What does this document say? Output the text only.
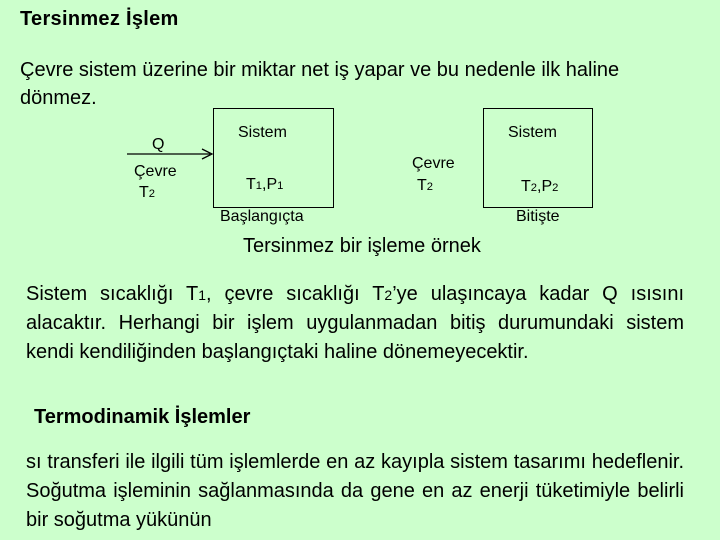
Tersinmez İşlem
Çevre sistem üzerine bir miktar net iş yapar ve bu nedenle ilk haline dönmez.
Q
Çevre
$T_2$
Sistem
$T_1,P_1$
Başlangıçta
Çevre
$T_2$
Sistem
$T_2,P_2$
Bitişte
Tersinmez bir işleme örnek
Sistem sıcaklığı $T_1$, çevre sıcaklığı $T_2’ye$ ulaşıncaya kadar Q ısısını alacaktır. Herhangi bir işlem uygulanmadan bitiş durumundaki sistem kendi kendiliğinden başlangıçtaki haline dönemeyecektir.
Termodinamik İşlemler
sı transferi ile ilgili tüm işlemlerde en az kayıpla sistem tasarımı hedeflenir. Soğutma işleminin sağlanmasında da gene en az enerji tüketimiyle belirli bir soğutma yükünün
